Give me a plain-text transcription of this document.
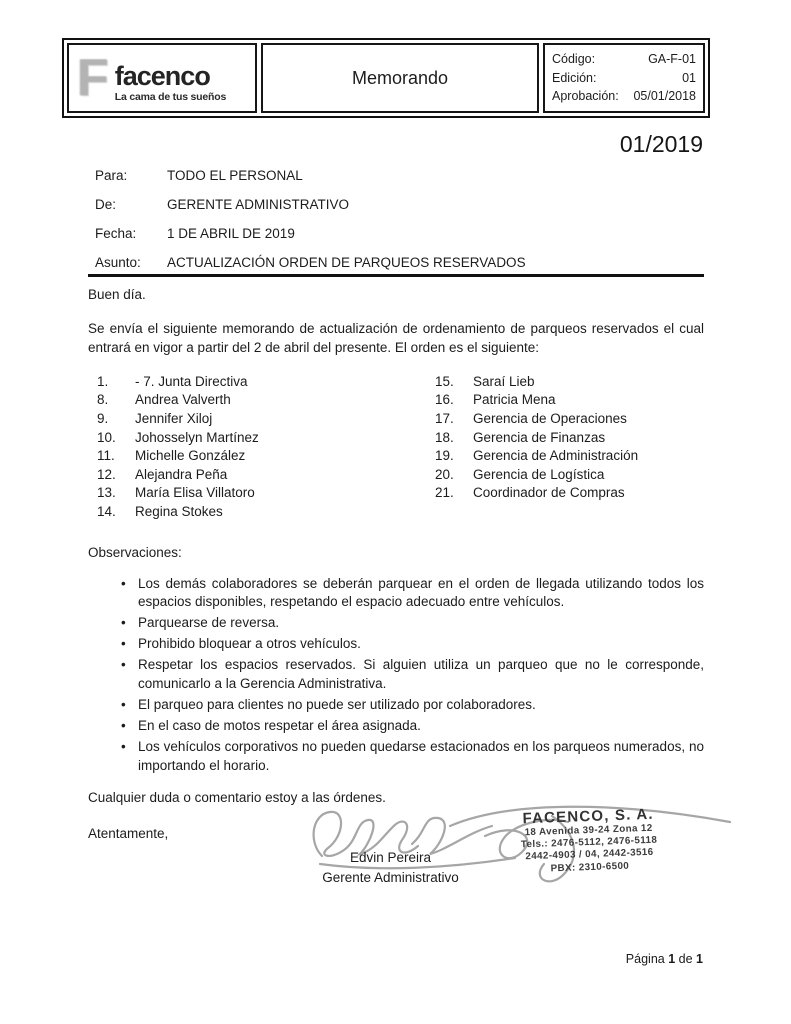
F facenco
La cama de tus sueños
Memorando
Código:	GA-F-01
Edición:	01
Aprobación: 05/01/2018
01/2019
Para:	TODO EL PERSONAL
De:	GERENTE ADMINISTRATIVO
Fecha:	1 DE ABRIL DE 2019
Asunto:	ACTUALIZACIÓN ORDEN DE PARQUEOS RESERVADOS

Buen día.

Se envía el siguiente memorando de actualización de ordenamiento de parqueos reservados el cual entrará en vigor a partir del 2 de abril del presente. El orden es el siguiente:

1.	- 7. Junta Directiva
8.	Andrea Valverth
9.	Jennifer Xiloj
10.	Johosselyn Martínez
11.	Michelle González
12.	Alejandra Peña
13.	María Elisa Villatoro
14.	Regina Stokes
15.	Saraí Lieb
16.	Patricia Mena
17.	Gerencia de Operaciones
18.	Gerencia de Finanzas
19.	Gerencia de Administración
20.	Gerencia de Logística
21.	Coordinador de Compras

Observaciones:

• Los demás colaboradores se deberán parquear en el orden de llegada utilizando todos los espacios disponibles, respetando el espacio adecuado entre vehículos.
• Parquearse de reversa.
• Prohibido bloquear a otros vehículos.
• Respetar los espacios reservados. Si alguien utiliza un parqueo que no le corresponde, comunicarlo a la Gerencia Administrativa.
• El parqueo para clientes no puede ser utilizado por colaboradores.
• En el caso de motos respetar el área asignada.
• Los vehículos corporativos no pueden quedarse estacionados en los parqueos numerados, no importando el horario.

Cualquier duda o comentario estoy a las órdenes.

Atentamente,

Edvin Pereira
Gerente Administrativo
FACENCO, S. A.
18 Avenida 39-24 Zona 12
Tels.: 2476-5112, 2476-5118
2442-4903 / 04, 2442-3516
PBX: 2310-6500
Página 1 de 1
